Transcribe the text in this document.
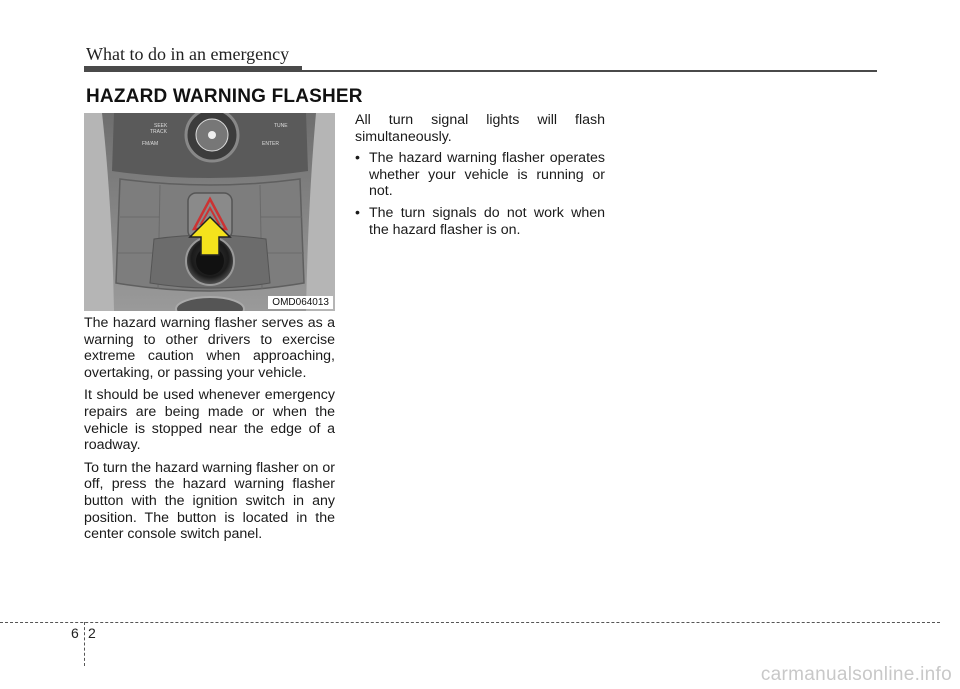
What to do in an emergency
HAZARD WARNING FLASHER
SEEK
TRACK
TUNE
FM/AM	ENTER
OMD064013

The hazard warning flasher serves as a warning to other drivers to exercise extreme caution when approaching, overtaking, or passing your vehicle.

It should be used whenever emergency repairs are being made or when the vehicle is stopped near the edge of a roadway.

To turn the hazard warning flasher on or off, press the hazard warning flasher button with the ignition switch in any position. The button is located in the center console switch panel.

All turn signal lights will flash simultaneously.

• The hazard warning flasher operates whether your vehicle is running or not.
• The turn signals do not work when the hazard flasher is on.
6 2
carmanualsonline.info
